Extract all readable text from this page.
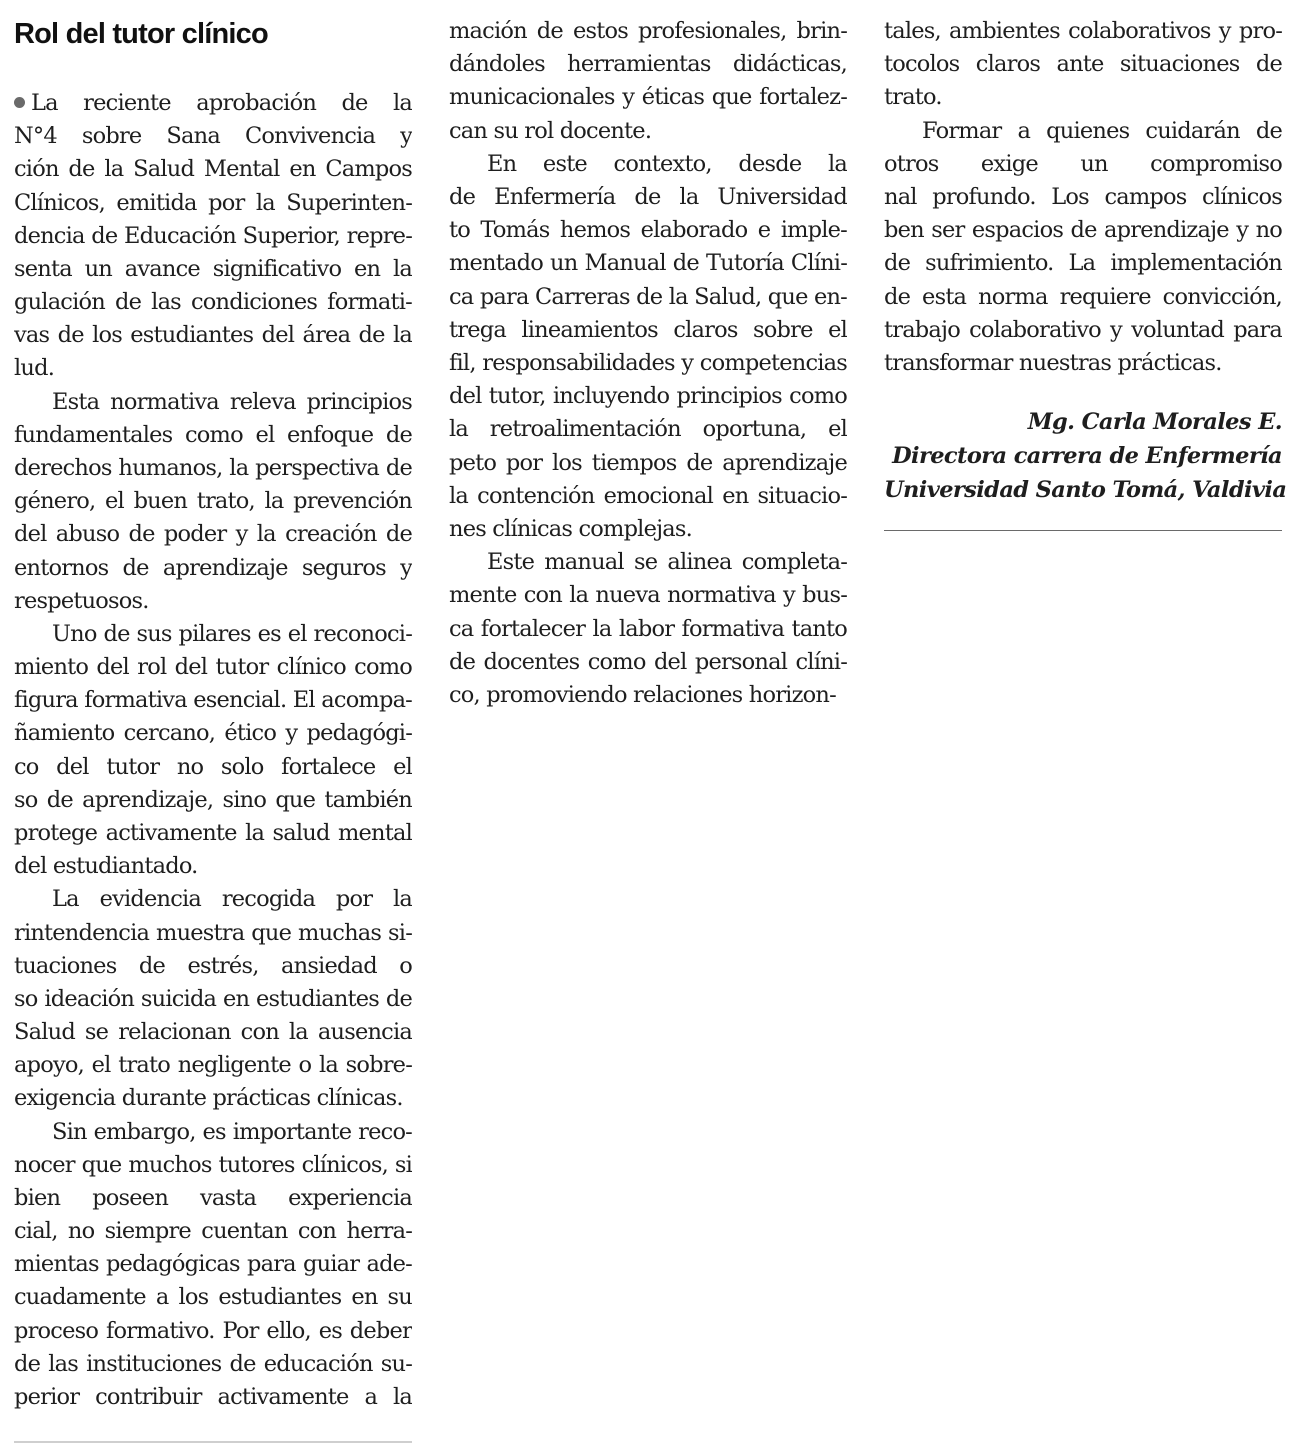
Rol del tutor clínico
La reciente aprobación de la
N°4 sobre Sana Convivencia y
ción de la Salud Mental en Campos
Clínicos, emitida por la Superinten-
dencia de Educación Superior, repre-
senta un avance significativo en la
gulación de las condiciones formati-
vas de los estudiantes del área de la
lud.
Esta normativa releva principios
fundamentales como el enfoque de
derechos humanos, la perspectiva de
género, el buen trato, la prevención
del abuso de poder y la creación de
entornos de aprendizaje seguros y
respetuosos.
Uno de sus pilares es el reconoci-
miento del rol del tutor clínico como
figura formativa esencial. El acompa-
ñamiento cercano, ético y pedagógi-
co del tutor no solo fortalece el
so de aprendizaje, sino que también
protege activamente la salud mental
del estudiantado.
La evidencia recogida por la
rintendencia muestra que muchas si-
tuaciones de estrés, ansiedad o
so ideación suicida en estudiantes de
Salud se relacionan con la ausencia
apoyo, el trato negligente o la sobre-
exigencia durante prácticas clínicas.
Sin embargo, es importante reco-
nocer que muchos tutores clínicos, si
bien poseen vasta experiencia
cial, no siempre cuentan con herra-
mientas pedagógicas para guiar ade-
cuadamente a los estudiantes en su
proceso formativo. Por ello, es deber
de las instituciones de educación su-
perior contribuir activamente a la
mación de estos profesionales, brin-
dándoles herramientas didácticas,
municacionales y éticas que fortalez-
can su rol docente.
En este contexto, desde la
de Enfermería de la Universidad
to Tomás hemos elaborado e imple-
mentado un Manual de Tutoría Clíni-
ca para Carreras de la Salud, que en-
trega lineamientos claros sobre el
fil, responsabilidades y competencias
del tutor, incluyendo principios como
la retroalimentación oportuna, el
peto por los tiempos de aprendizaje
la contención emocional en situacio-
nes clínicas complejas.
Este manual se alinea completa-
mente con la nueva normativa y bus-
ca fortalecer la labor formativa tanto
de docentes como del personal clíni-
co, promoviendo relaciones horizon-
tales, ambientes colaborativos y pro-
tocolos claros ante situaciones de
trato.
Formar a quienes cuidarán de
otros exige un compromiso
nal profundo. Los campos clínicos
ben ser espacios de aprendizaje y no
de sufrimiento. La implementación
de esta norma requiere convicción,
trabajo colaborativo y voluntad para
transformar nuestras prácticas.
Mg. Carla Morales E.
Directora carrera de Enfermería
Universidad Santo Tomá, Valdivia
